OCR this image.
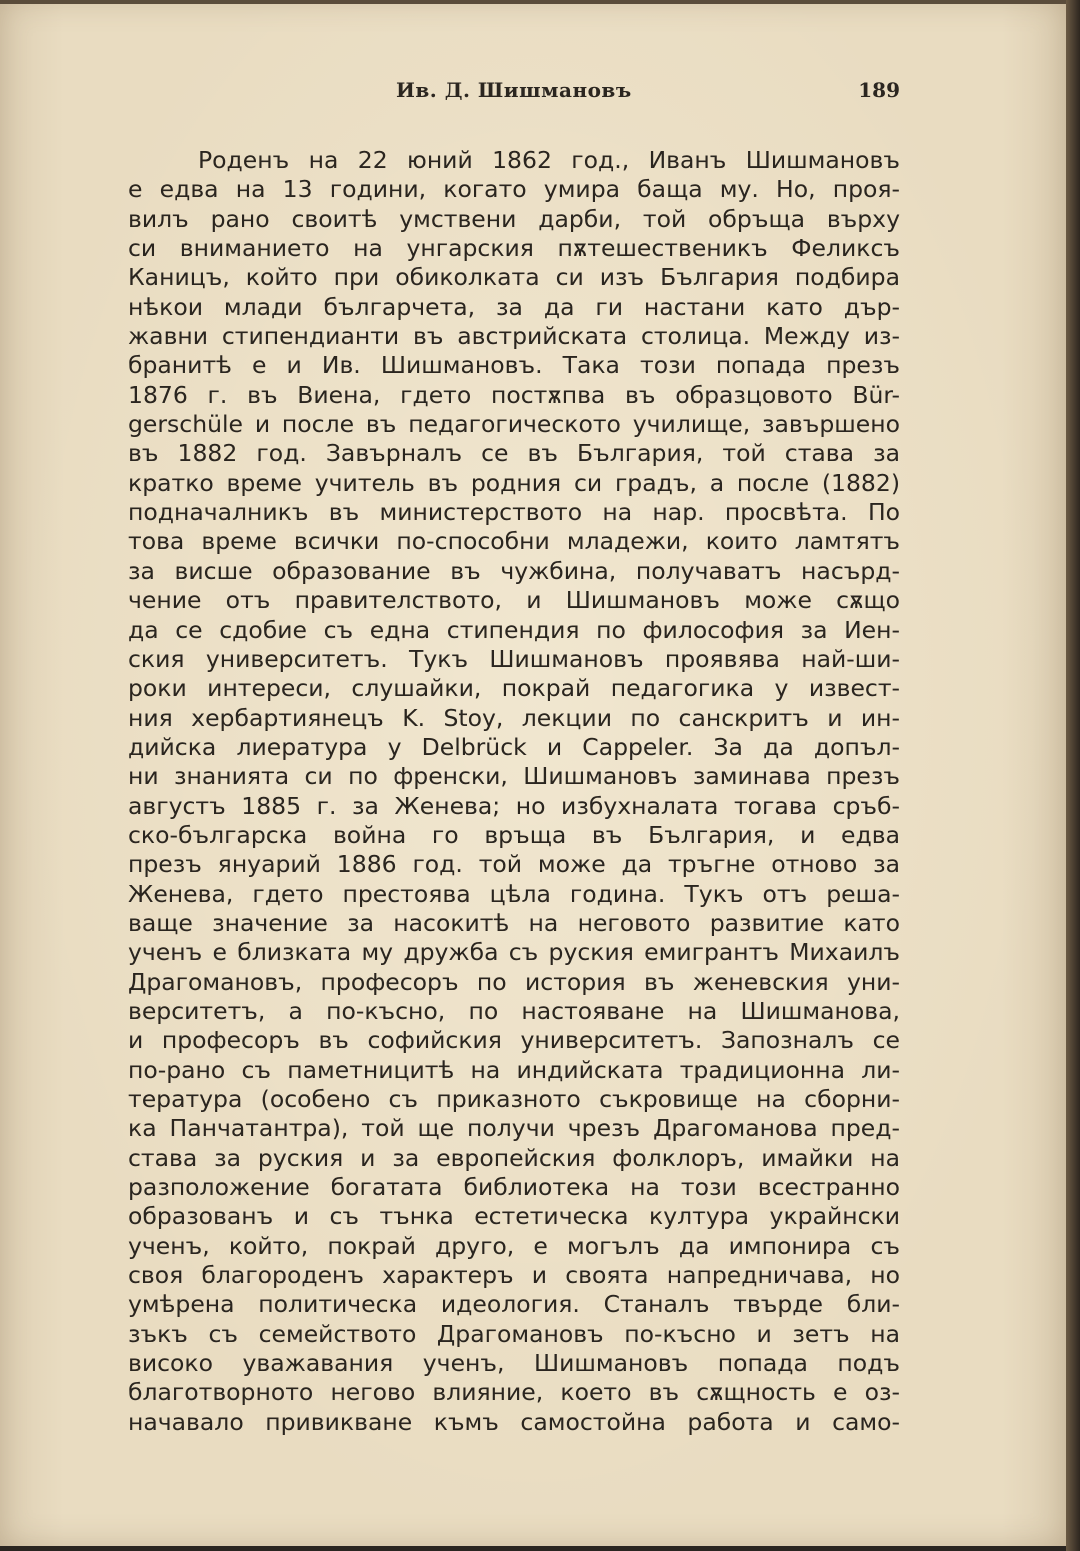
Ив. Д. Шишмановъ	189
Роденъ на 22 юний 1862 год., Иванъ Шишмановъ
е едва на 13 години, когато умира баща му. Но, проя-
вилъ рано своитѣ умствени дарби, той обръща върху
си вниманието на унгарския пѫтешественикъ Феликсъ
Каницъ, който при обиколката си изъ България подбира
нѣкои млади българчета, за да ги настани като дър-
жавни стипендианти въ австрийската столица. Между из-
бранитѣ е и Ив. Шишмановъ. Така този попада презъ
1876 г. въ Виена, гдето постѫпва въ образцовото Bür-
gerschüle и после въ педагогическото училище, завършено
въ 1882 год. Завърналъ се въ България, той става за
кратко време учитель въ родния си градъ, а после (1882)
подначалникъ въ министерството на нар. просвѣта. По
това време всички по-способни младежи, които ламтятъ
за висше образование въ чужбина, получаватъ насърд-
чение отъ правителството, и Шишмановъ може сѫщо
да се сдобие съ една стипендия по философия за Иен-
ския университетъ. Тукъ Шишмановъ проявява най-ши-
роки интереси, слушайки, покрай педагогика у извест-
ния хербартиянецъ K. Stoy, лекции по санскритъ и ин-
дийска лиература у Delbrück и Cappeler. За да допъл-
ни знанията си по френски, Шишмановъ заминава презъ
августъ 1885 г. за Женева; но избухналата тогава сръб-
ско-българска война го връща въ България, и едва
презъ януарий 1886 год. той може да тръгне отново за
Женева, гдето престоява цѣла година. Тукъ отъ реша-
ваще значение за насокитѣ на неговото развитие като
ученъ е близката му дружба съ руския емигрантъ Михаилъ
Драгомановъ, професоръ по история въ женевския уни-
верситетъ, а по-късно, по настояване на Шишманова,
и професоръ въ софийския университетъ. Запозналъ се
по-рано съ паметницитѣ на индийската традиционна ли-
тература (особено съ приказното съкровище на сборни-
ка Панчатантра), той ще получи чрезъ Драгоманова пред-
става за руския и за европейския фолклоръ, имайки на
разположение богатата библиотека на този всестранно
образованъ и съ тънка естетическа култура украйнски
ученъ, който, покрай друго, е могълъ да импонира съ
своя благороденъ характеръ и своята напредничава, но
умѣрена политическа идеология. Станалъ твърде бли-
зъкъ съ семейството Драгомановъ по-късно и зетъ на
високо уважавания ученъ, Шишмановъ попада подъ
благотворното негово влияние, което въ сѫщность е оз-
начавало привикване къмъ самостойна работа и само-
